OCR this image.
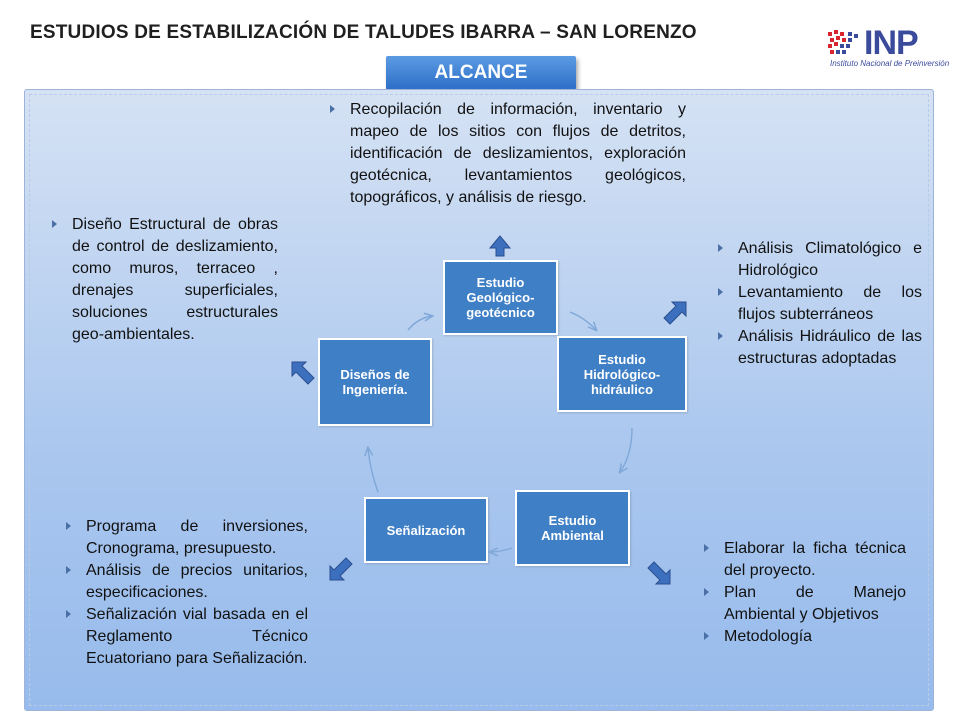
ESTUDIOS DE ESTABILIZACIÓN DE TALUDES IBARRA – SAN LORENZO	INP
Instituto Nacional de Preinversión
ALCANCE
Estudio Geológico-geotécnico
Estudio Hidrológico-hidráulico
Estudio Ambiental
Señalización
Diseños de Ingeniería.
Recopilación de información, inventario y mapeo de los sitios con flujos de detritos, identificación de deslizamientos, exploración geotécnica, levantamientos geológicos, topográficos, y análisis de riesgo.
Diseño Estructural de obras de control de deslizamiento, como muros, terraceo , drenajes superficiales, soluciones estructurales geo-ambientales.
Análisis Climatológico e Hidrológico
Levantamiento de los flujos subterráneos
Análisis Hidráulico de las estructuras adoptadas
Programa de inversiones, Cronograma, presupuesto.
Análisis de precios unitarios, especificaciones.
Señalización vial basada en el Reglamento Técnico Ecuatoriano para Señalización.
Elaborar la ficha técnica del proyecto.
Plan de Manejo Ambiental y Objetivos
Metodología
